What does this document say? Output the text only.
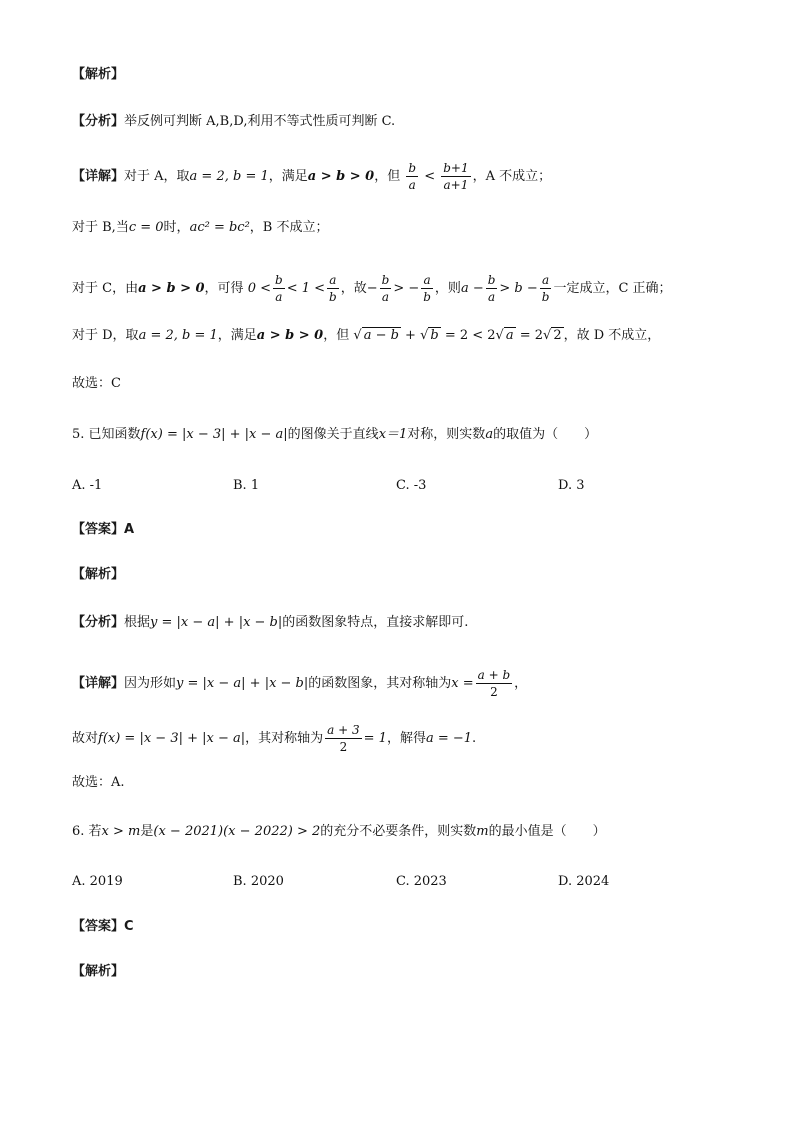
【解析】
【分析】举反例可判断 A,B,D,利用不等式性质可判断 C.
【详解】对于 A，取a = 2, b = 1，满足a > b > 0，但 $\frac{b}{a} < \frac{b+1}{a+1}$ ，A 不成立；
对于 B,当c = 0时，ac² = bc²，B 不成立；
对于 C，由a > b > 0，可得 $0 < \frac{b}{a} < 1 < \frac{a}{b}$ ，故− $\frac{b}{a}$ > − $\frac{a}{b}$ ，则$a - \frac{b}{a} > b - \frac{a}{b}$ 一定成立，C 正确；
对于 D，取a = 2, b = 1，满足a > b > 0，但 √ a − b + √ b = 2 < 2√ a = 2√ 2 ，故 D 不成立，
故选：C
5. 已知函数f(x) = |x − 3| + |x − a|的图像关于直线x＝1对称，则实数a的取值为（　　）
A. -1	B. 1	C. -3	D. 3
【答案】A
【解析】
【分析】根据y = |x − a| + |x − b|的函数图象特点，直接求解即可.
【详解】因为形如y = |x − a| + |x − b|的函数图象，其对称轴为$x = \frac{a + b}{2}$ ，
故对f(x) = |x − 3| + |x − a|，其对称轴为 $\frac{a + 3}{2} = 1$，解得a = −1.
故选：A.
6. 若x > m是(x − 2021)(x − 2022) > 2的充分不必要条件，则实数m的最小值是（　　）
A. 2019	B. 2020	C. 2023	D. 2024
【答案】C
【解析】
